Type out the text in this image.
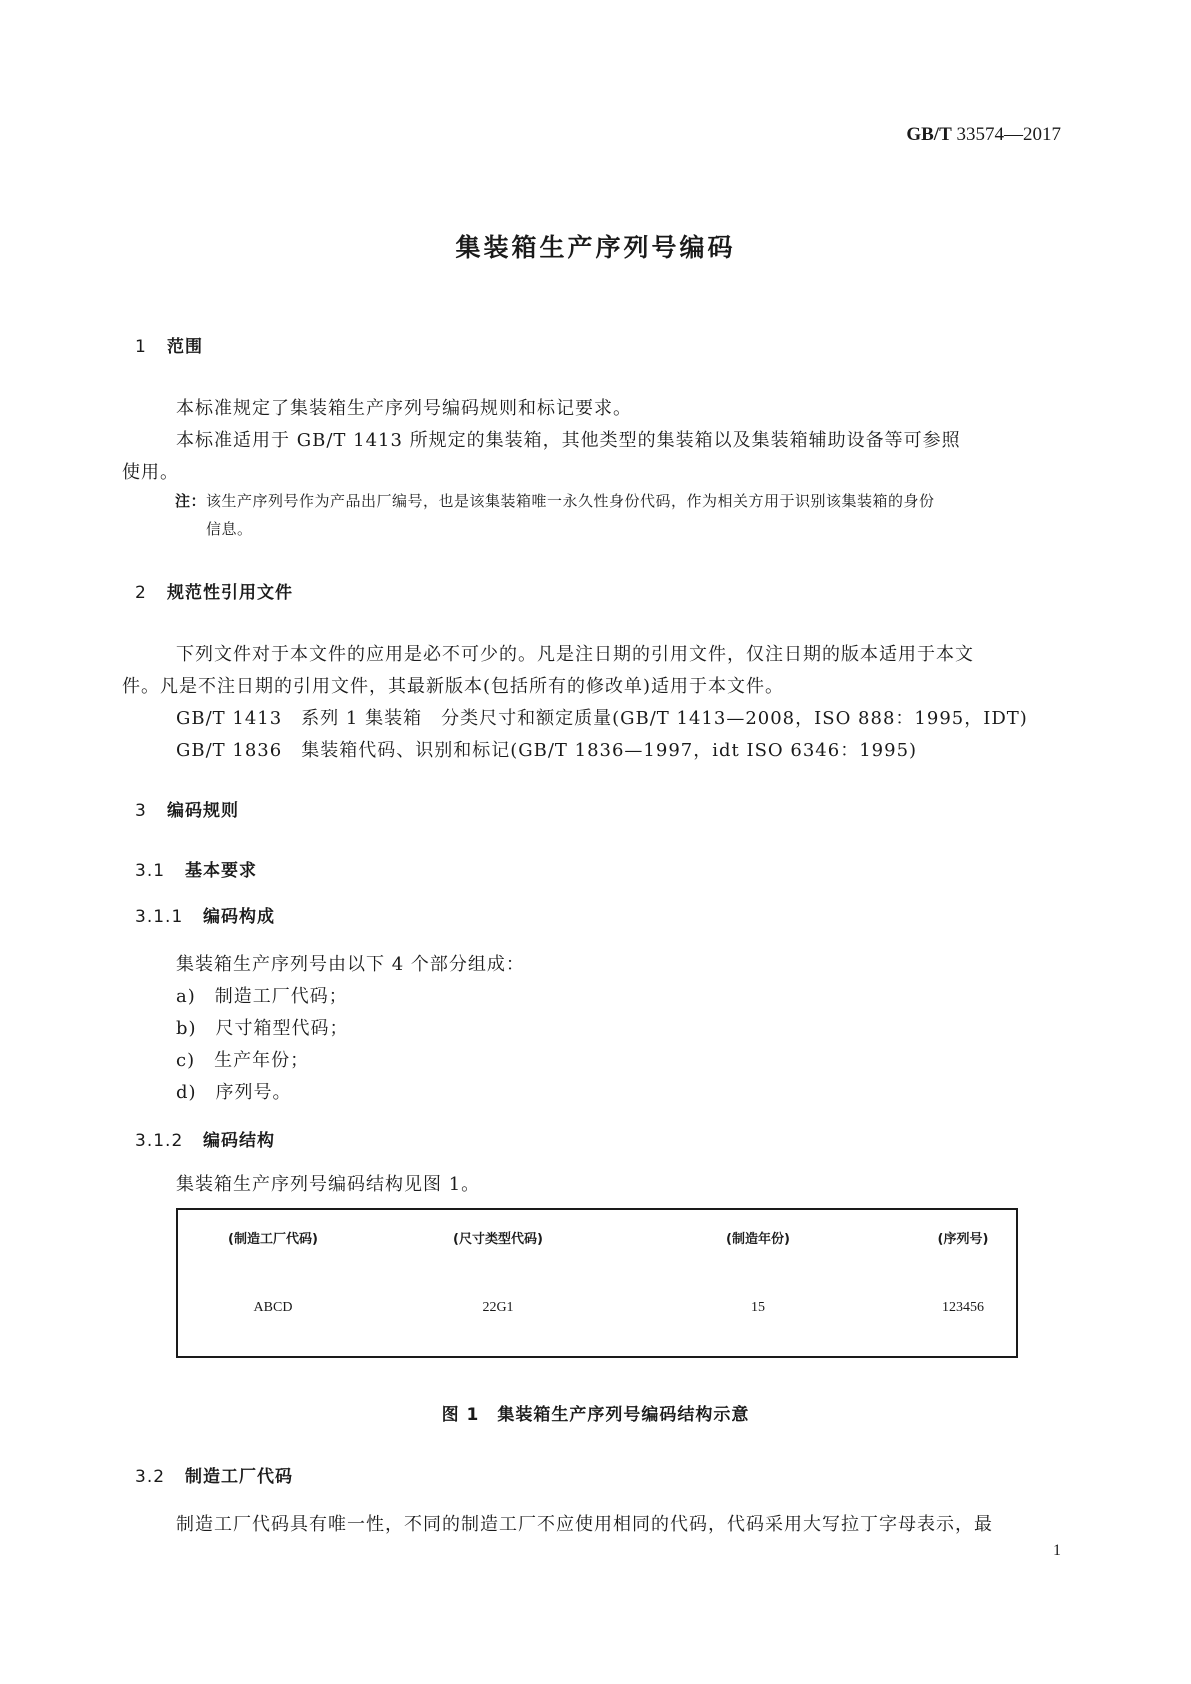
GB/T 33574—2017
集装箱生产序列号编码
1 范围
本标准规定了集装箱生产序列号编码规则和标记要求。
本标准适用于 GB/T 1413 所规定的集装箱，其他类型的集装箱以及集装箱辅助设备等可参照
使用。
注：该生产序列号作为产品出厂编号，也是该集装箱唯一永久性身份代码，作为相关方用于识别该集装箱的身份
信息。
2 规范性引用文件
下列文件对于本文件的应用是必不可少的。凡是注日期的引用文件，仅注日期的版本适用于本文
件。凡是不注日期的引用文件，其最新版本(包括所有的修改单)适用于本文件。
GB/T 1413　系列 1 集装箱　分类尺寸和额定质量(GB/T 1413—2008，ISO 888：1995，IDT)
GB/T 1836　集装箱代码、识别和标记(GB/T 1836—1997，idt ISO 6346：1995)
3 编码规则
3.1 基本要求
3.1.1 编码构成
集装箱生产序列号由以下 4 个部分组成：
a)　制造工厂代码；
b)　尺寸箱型代码；
c)　生产年份；
d)　序列号。
3.1.2 编码结构
集装箱生产序列号编码结构见图 1。
(制造工厂代码)	(尺寸类型代码)	(制造年份)	(序列号)
ABCD	22G1	15	123456
图 1　集装箱生产序列号编码结构示意
3.2 制造工厂代码
制造工厂代码具有唯一性，不同的制造工厂不应使用相同的代码，代码采用大写拉丁字母表示，最
1
